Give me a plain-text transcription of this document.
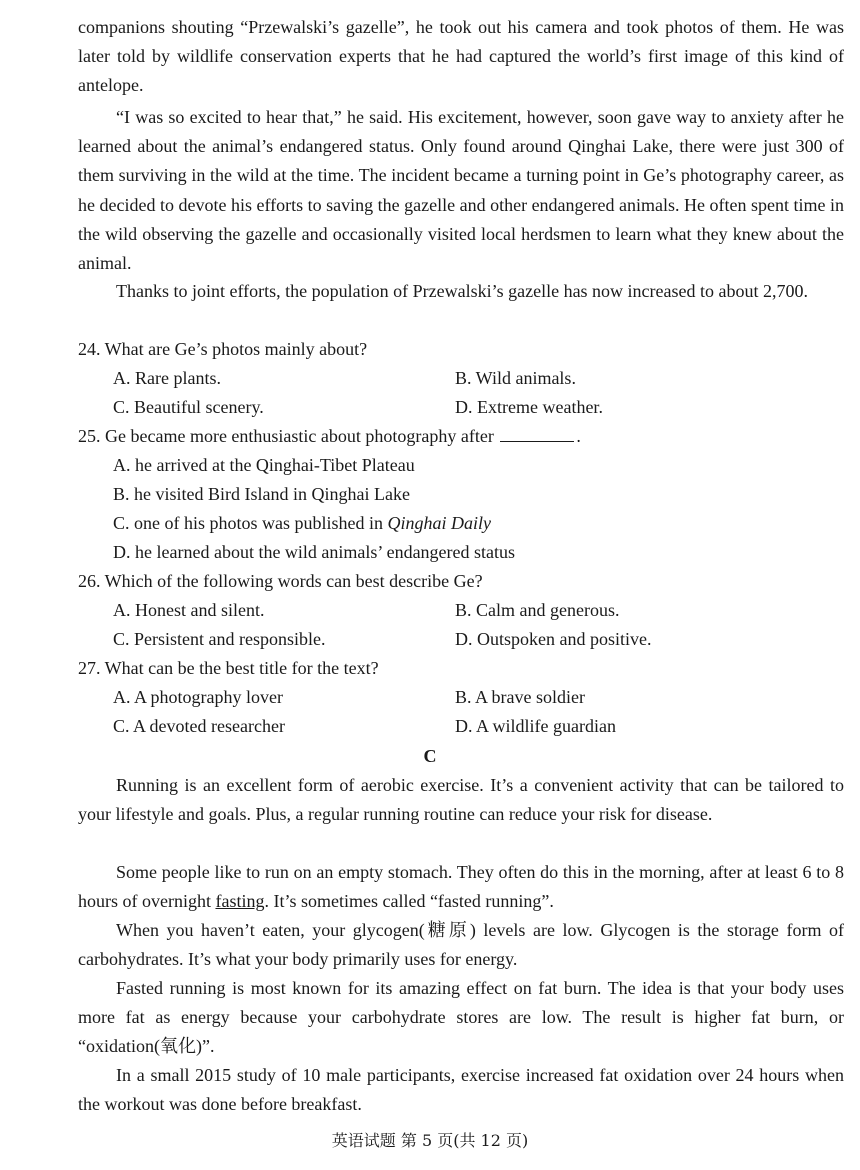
companions shouting “Przewalski’s gazelle”, he took out his camera and took photos of them. He was later told by wildlife conservation experts that he had captured the world’s first image of this kind of antelope.

“I was so excited to hear that,” he said. His excitement, however, soon gave way to anxiety after he learned about the animal’s endangered status. Only found around Qinghai Lake, there were just 300 of them surviving in the wild at the time. The incident became a turning point in Ge’s photography career, as he decided to devote his efforts to saving the gazelle and other endangered animals. He often spent time in the wild observing the gazelle and occasionally visited local herdsmen to learn what they knew about the animal.

Thanks to joint efforts, the population of Przewalski’s gazelle has now increased to about 2,700.

24. What are Ge’s photos mainly about?

A. Rare plants.	B. Wild animals.

C. Beautiful scenery.	D. Extreme weather.

25. Ge became more enthusiastic about photography after	.

A. he arrived at the Qinghai-Tibet Plateau

B. he visited Bird Island in Qinghai Lake

C. one of his photos was published in Qinghai Daily

D. he learned about the wild animals’ endangered status

26. Which of the following words can best describe Ge?

A. Honest and silent.	B. Calm and generous.

C. Persistent and responsible.	D. Outspoken and positive.

27. What can be the best title for the text?

A. A photography lover	B. A brave soldier

C. A devoted researcher	D. A wildlife guardian

C

Running is an excellent form of aerobic exercise. It’s a convenient activity that can be tailored to your lifestyle and goals. Plus, a regular running routine can reduce your risk for disease.

Some people like to run on an empty stomach. They often do this in the morning, after at least 6 to 8 hours of overnight fasting. It’s sometimes called “fasted running”.

When you haven’t eaten, your glycogen(糖原) levels are low. Glycogen is the storage form of carbohydrates. It’s what your body primarily uses for energy.

Fasted running is most known for its amazing effect on fat burn. The idea is that your body uses more fat as energy because your carbohydrate stores are low. The result is higher fat burn, or “oxidation(氧化)”.

In a small 2015 study of 10 male participants, exercise increased fat oxidation over 24 hours when the workout was done before breakfast.

英语试题 第 5 页(共 12 页)
